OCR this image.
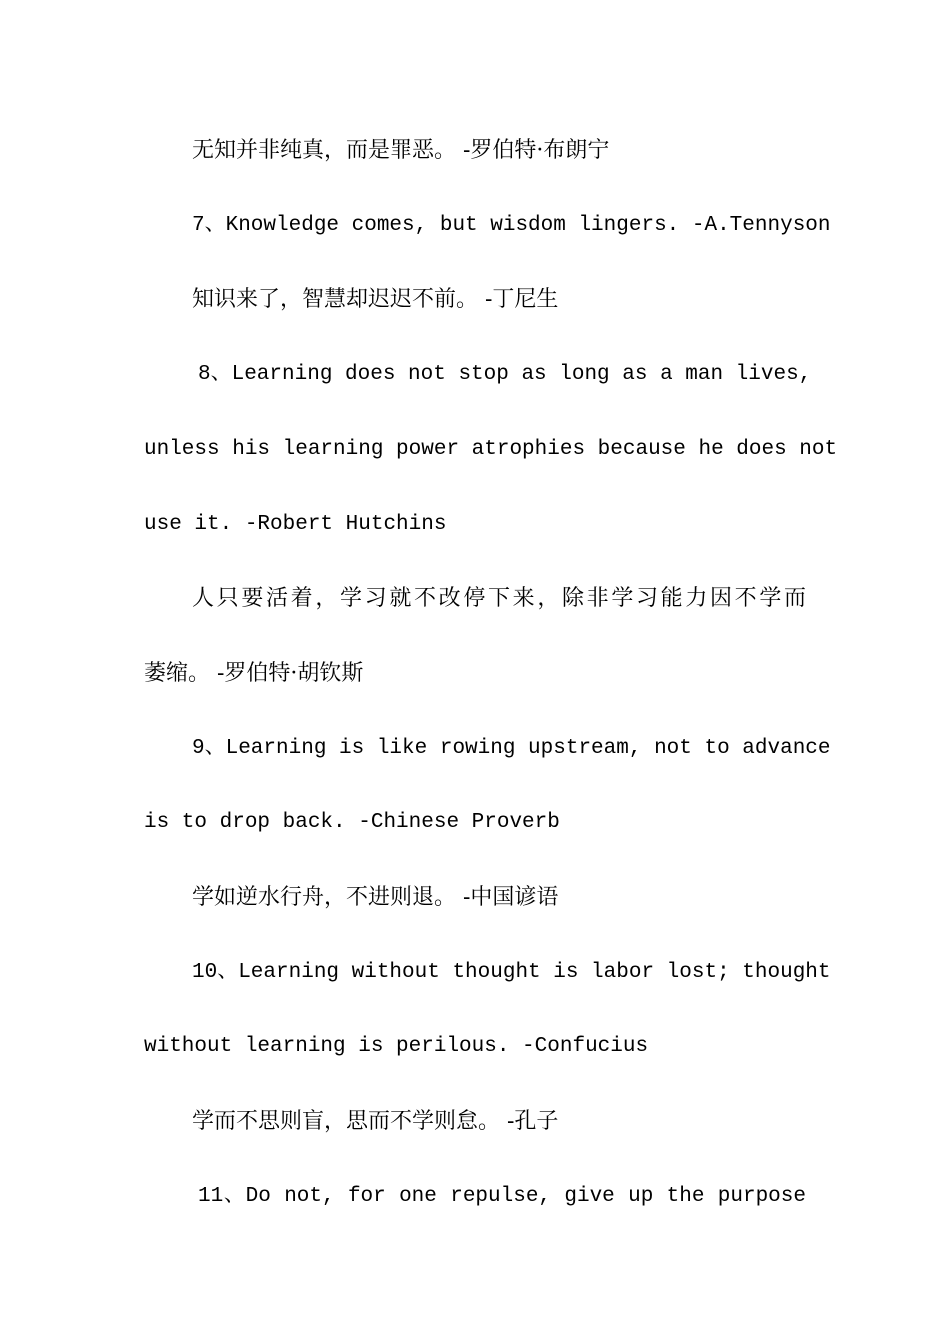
无知并非纯真，而是罪恶。 -罗伯特·布朗宁
7、Knowledge comes, but wisdom lingers. -A.Tennyson
知识来了，智慧却迟迟不前。 -丁尼生
8、Learning does not stop as long as a man lives,
unless his learning power atrophies because he does not
use it. -Robert Hutchins
人只要活着，学习就不改停下来，除非学习能力因不学而
萎缩。 -罗伯特·胡钦斯
9、Learning is like rowing upstream, not to advance
is to drop back. -Chinese Proverb
学如逆水行舟，不进则退。 -中国谚语
10、Learning without thought is labor lost; thought
without learning is perilous. -Confucius
学而不思则盲，思而不学则怠。 -孔子
11、Do not, for one repulse, give up the purpose
